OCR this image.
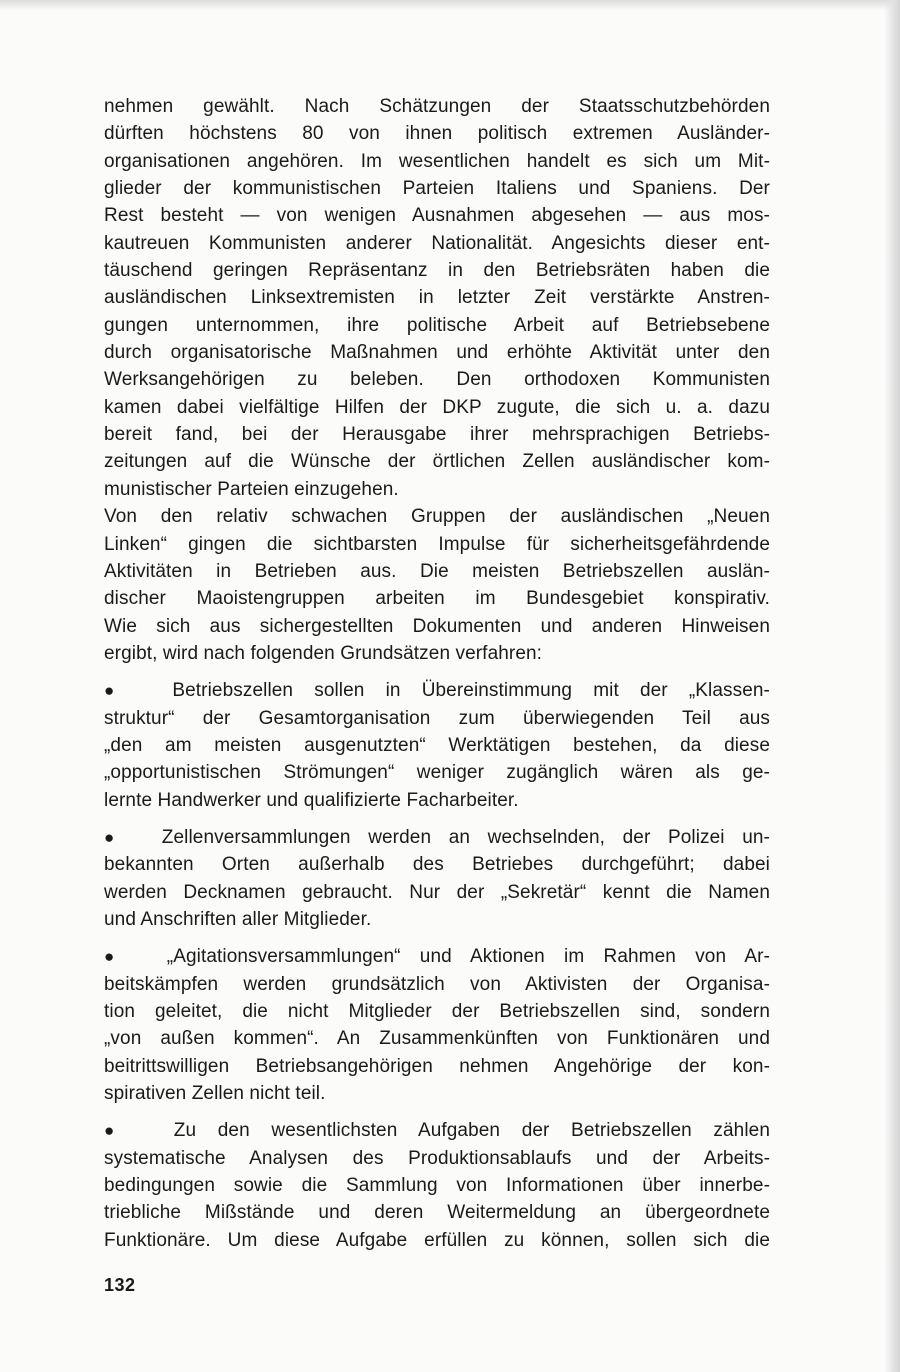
nehmen gewählt. Nach Schätzungen der Staatsschutzbehörden
dürften höchstens 80 von ihnen politisch extremen Ausländer-
organisationen angehören. Im wesentlichen handelt es sich um Mit-
glieder der kommunistischen Parteien Italiens und Spaniens. Der
Rest besteht — von wenigen Ausnahmen abgesehen — aus mos-
kautreuen Kommunisten anderer Nationalität. Angesichts dieser ent-
täuschend geringen Repräsentanz in den Betriebsräten haben die
ausländischen Linksextremisten in letzter Zeit verstärkte Anstren-
gungen unternommen, ihre politische Arbeit auf Betriebsebene
durch organisatorische Maßnahmen und erhöhte Aktivität unter den
Werksangehörigen zu beleben. Den orthodoxen Kommunisten
kamen dabei vielfältige Hilfen der DKP zugute, die sich u. a. dazu
bereit fand, bei der Herausgabe ihrer mehrsprachigen Betriebs-
zeitungen auf die Wünsche der örtlichen Zellen ausländischer kom-
munistischer Parteien einzugehen.
Von den relativ schwachen Gruppen der ausländischen „Neuen
Linken“ gingen die sichtbarsten Impulse für sicherheitsgefährdende
Aktivitäten in Betrieben aus. Die meisten Betriebszellen auslän-
discher Maoistengruppen arbeiten im Bundesgebiet konspirativ.
Wie sich aus sichergestellten Dokumenten und anderen Hinweisen
ergibt, wird nach folgenden Grundsätzen verfahren:
● Betriebszellen sollen in Übereinstimmung mit der „Klassen-
struktur“ der Gesamtorganisation zum überwiegenden Teil aus
„den am meisten ausgenutzten“ Werktätigen bestehen, da diese
„opportunistischen Strömungen“ weniger zugänglich wären als ge-
lernte Handwerker und qualifizierte Facharbeiter.
● Zellenversammlungen werden an wechselnden, der Polizei un-
bekannten Orten außerhalb des Betriebes durchgeführt; dabei
werden Decknamen gebraucht. Nur der „Sekretär“ kennt die Namen
und Anschriften aller Mitglieder.
● „Agitationsversammlungen“ und Aktionen im Rahmen von Ar-
beitskämpfen werden grundsätzlich von Aktivisten der Organisa-
tion geleitet, die nicht Mitglieder der Betriebszellen sind, sondern
„von außen kommen“. An Zusammenkünften von Funktionären und
beitrittswilligen Betriebsangehörigen nehmen Angehörige der kon-
spirativen Zellen nicht teil.
● Zu den wesentlichsten Aufgaben der Betriebszellen zählen
systematische Analysen des Produktionsablaufs und der Arbeits-
bedingungen sowie die Sammlung von Informationen über innerbe-
triebliche Mißstände und deren Weitermeldung an übergeordnete
Funktionäre. Um diese Aufgabe erfüllen zu können, sollen sich die
132
